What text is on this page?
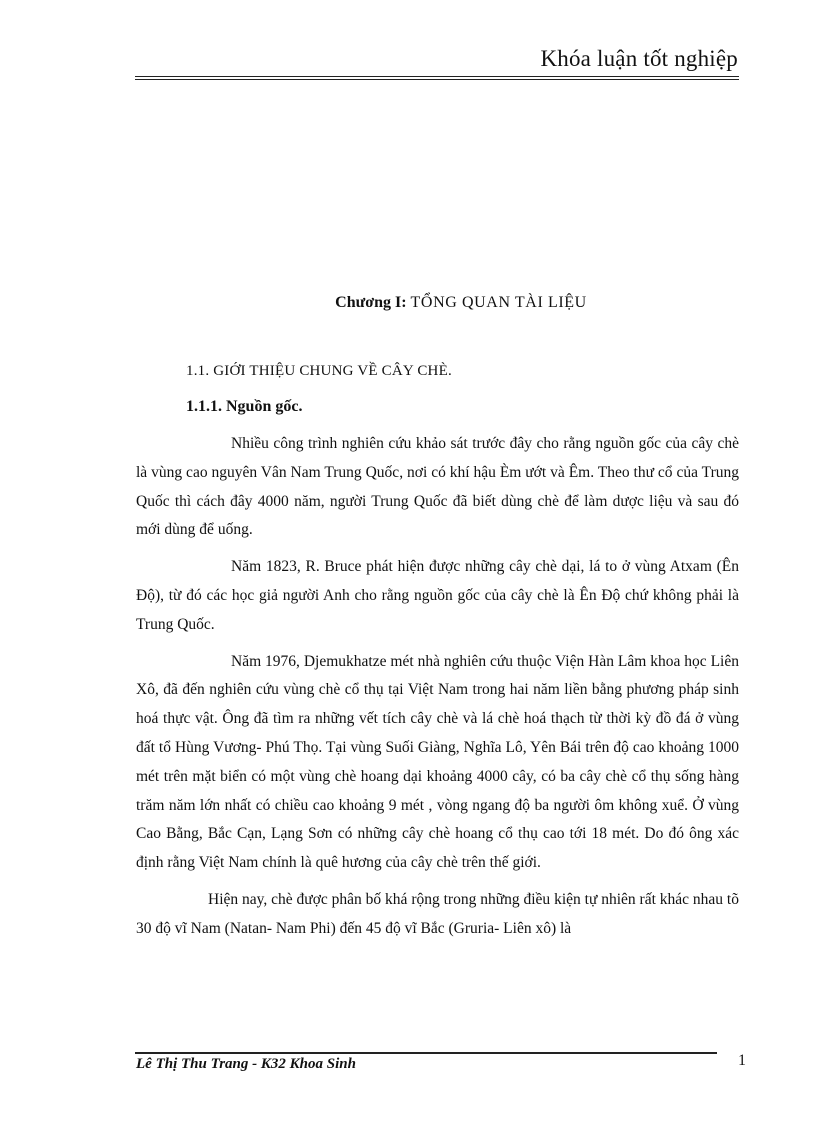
Khóa luận tốt nghiệp
Chương I: TỔNG QUAN TÀI LIỆU
1.1. GIỚI THIỆU CHUNG VỀ CÂY CHÈ.
1.1.1. Nguồn gốc.

Nhiều công trình nghiên cứu khảo sát trước đây cho rằng nguồn gốc của cây chè là vùng cao nguyên Vân Nam Trung Quốc, nơi có khí hậu Èm ướt và Êm. Theo thư cổ của Trung Quốc thì cách đây 4000 năm, người Trung Quốc đã biết dùng chè để làm dược liệu và sau đó mới dùng để uống.

Năm 1823, R. Bruce phát hiện được những cây chè dại, lá to ở vùng Atxam (Ên Độ), từ đó các học giả người Anh cho rằng nguồn gốc của cây chè là Ên Độ chứ không phải là Trung Quốc.

Năm 1976, Djemukhatze mét nhà nghiên cứu thuộc Viện Hàn Lâm khoa học Liên Xô, đã đến nghiên cứu vùng chè cổ thụ tại Việt Nam trong hai năm liền bằng phương pháp sinh hoá thực vật. Ông đã tìm ra những vết tích cây chè và lá chè hoá thạch từ thời kỳ đồ đá ở vùng đất tổ Hùng Vương- Phú Thọ. Tại vùng Suối Giàng, Nghĩa Lô, Yên Bái trên độ cao khoảng 1000 mét trên mặt biển có một vùng chè hoang dại khoảng 4000 cây, có ba cây chè cổ thụ sống hàng trăm năm lớn nhất có chiều cao khoảng 9 mét , vòng ngang độ ba người ôm không xuể. Ở vùng Cao Bằng, Bắc Cạn, Lạng Sơn có những cây chè hoang cổ thụ cao tới 18 mét. Do đó ông xác định rằng Việt Nam chính là quê hương của cây chè trên thế giới.

Hiện nay, chè được phân bố khá rộng trong những điều kiện tự nhiên rất khác nhau tõ 30 độ vĩ Nam (Natan- Nam Phi) đến 45 độ vĩ Bắc (Gruria- Liên xô) là

Lê Thị Thu Trang - K32 Khoa Sinh	1
